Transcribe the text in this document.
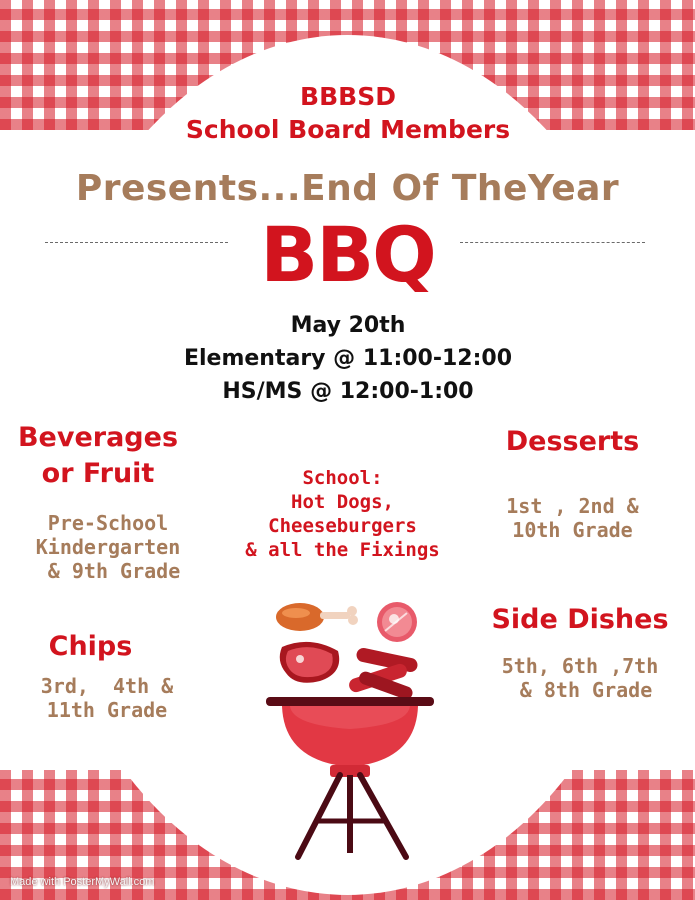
BBBSD
School Board Members
Presents...End Of TheYear
BBQ
May 20th
Elementary @ 11:00-12:00
HS/MS @ 12:00-1:00
Beverages
or Fruit
Pre-School
Kindergarten
& 9th Grade
Desserts
1st , 2nd &
10th Grade
School:
Hot Dogs,
Cheeseburgers
& all the Fixings
Chips
3rd,  4th &
11th Grade
Side Dishes
5th, 6th ,7th
& 8th Grade
Made with PosterMyWall.com
